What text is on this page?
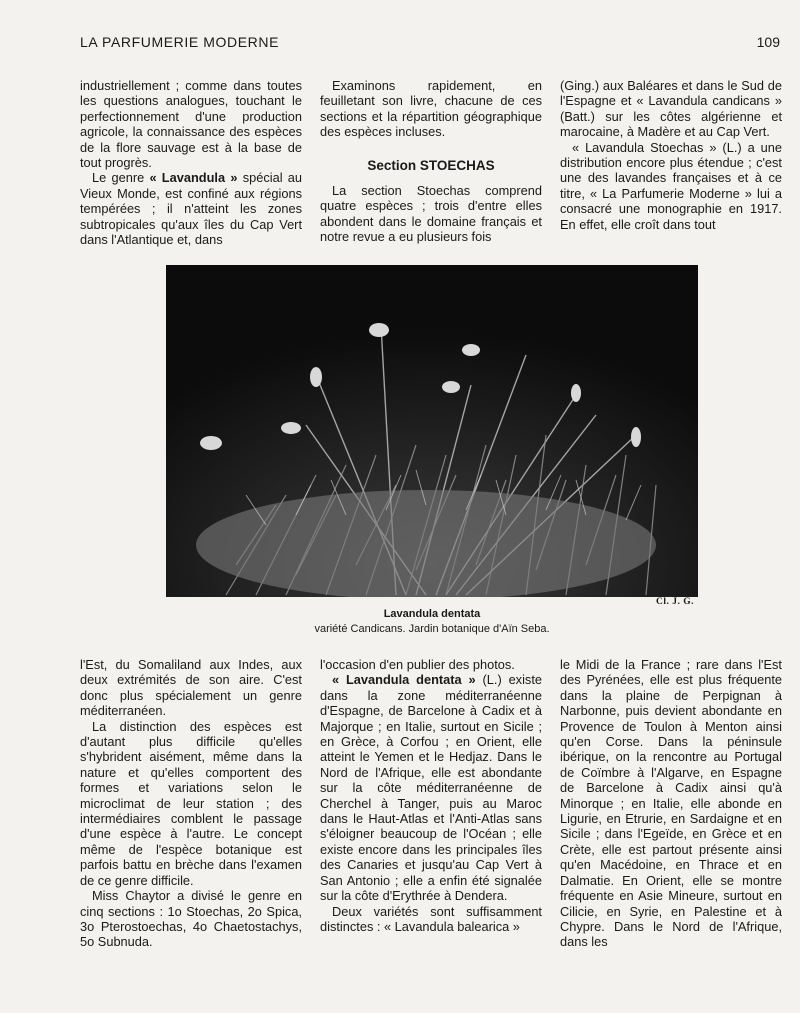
LA PARFUMERIE MODERNE	109

industriellement ; comme dans toutes les questions analogues, touchant le perfectionnement d'une production agricole, la connaissance des espèces de la flore sauvage est à la base de tout progrès.

Le genre « Lavandula » spécial au Vieux Monde, est confiné aux régions tempérées ; il n'atteint les zones subtropicales qu'aux îles du Cap Vert dans l'Atlantique et, dans

Examinons rapidement, en feuilletant son livre, chacune de ces sections et la répartition géographique des espèces incluses.

Section STOECHAS

La section Stoechas comprend quatre espèces ; trois d'entre elles abondent dans le domaine français et notre revue a eu plusieurs fois

(Ging.) aux Baléares et dans le Sud de l'Espagne et « Lavandula candicans » (Batt.) sur les côtes algérienne et marocaine, à Madère et au Cap Vert.

« Lavandula Stoechas » (L.) a une distribution encore plus étendue ; c'est une des lavandes françaises et à ce titre, « La Parfumerie Moderne » lui a consacré une monographie en 1917. En effet, elle croît dans tout

Cl. J. G.
Lavandula dentata
variété Candicans. Jardin botanique d'Aïn Seba.

l'Est, du Somaliland aux Indes, aux deux extrémités de son aire. C'est donc plus spécialement un genre méditerranéen.

La distinction des espèces est d'autant plus difficile qu'elles s'hybrident aisément, même dans la nature et qu'elles comportent des formes et variations selon le microclimat de leur station ; des intermédiaires comblent le passage d'une espèce à l'autre. Le concept même de l'espèce botanique est parfois battu en brèche dans l'examen de ce genre difficile.

Miss Chaytor a divisé le genre en cinq sections : 1o Stoechas, 2o Spica, 3o Pterostoechas, 4o Chaetostachys, 5o Subnuda.

l'occasion d'en publier des photos.

« Lavandula dentata » (L.) existe dans la zone méditerranéenne d'Espagne, de Barcelone à Cadix et à Majorque ; en Italie, surtout en Sicile ; en Grèce, à Corfou ; en Orient, elle atteint le Yemen et le Hedjaz. Dans le Nord de l'Afrique, elle est abondante sur la côte méditerranéenne de Cherchel à Tanger, puis au Maroc dans le Haut-Atlas et l'Anti-Atlas sans s'éloigner beaucoup de l'Océan ; elle existe encore dans les principales îles des Canaries et jusqu'au Cap Vert à San Antonio ; elle a enfin été signalée sur la côte d'Erythrée à Dendera.

Deux variétés sont suffisamment distinctes : « Lavandula balearica »

le Midi de la France ; rare dans l'Est des Pyrénées, elle est plus fréquente dans la plaine de Perpignan à Narbonne, puis devient abondante en Provence de Toulon à Menton ainsi qu'en Corse. Dans la péninsule ibérique, on la rencontre au Portugal de Coïmbre à l'Algarve, en Espagne de Barcelone à Cadix ainsi qu'à Minorque ; en Italie, elle abonde en Ligurie, en Etrurie, en Sardaigne et en Sicile ; dans l'Egeïde, en Grèce et en Crète, elle est partout présente ainsi qu'en Macédoine, en Thrace et en Dalmatie. En Orient, elle se montre fréquente en Asie Mineure, surtout en Cilicie, en Syrie, en Palestine et à Chypre. Dans le Nord de l'Afrique, dans les
